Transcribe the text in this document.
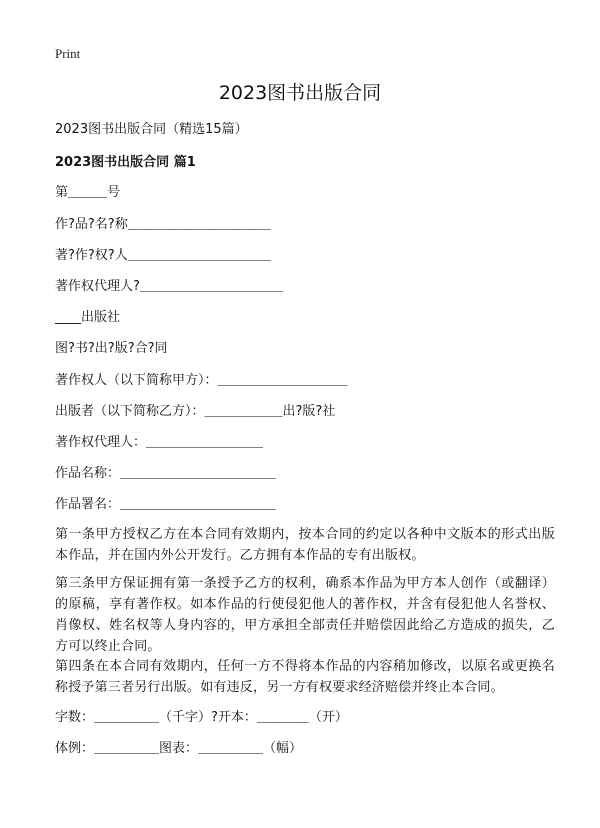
Print
2023图书出版合同
2023图书出版合同（精选15篇）
2023图书出版合同 篇1
第＿＿＿号
作?品?名?称＿＿＿＿＿＿＿＿＿＿＿
著?作?权?人＿＿＿＿＿＿＿＿＿＿＿
著作权代理人?＿＿＿＿＿＿＿＿＿＿＿
____出版社
图?书?出?版?合?同
著作权人（以下简称甲方）：＿＿＿＿＿＿＿＿＿＿
出版者（以下简称乙方）：＿＿＿＿＿＿出?版?社
著作权代理人：＿＿＿＿＿＿＿＿＿
作品名称：＿＿＿＿＿＿＿＿＿＿＿＿
作品署名：＿＿＿＿＿＿＿＿＿＿＿＿
第一条甲方授权乙方在本合同有效期内，按本合同的约定以各种中文版本的形式出版本作品，并在国内外公开发行。乙方拥有本作品的专有出版权。
第三条甲方保证拥有第一条授予乙方的权利，确系本作品为甲方本人创作（或翻译）的原稿，享有著作权。如本作品的行使侵犯他人的著作权，并含有侵犯他人名誉权、肖像权、姓名权等人身内容的，甲方承担全部责任并赔偿因此给乙方造成的损失，乙方可以终止合同。
第四条在本合同有效期内，任何一方不得将本作品的内容稍加修改，以原名或更换名称授予第三者另行出版。如有违反，另一方有权要求经济赔偿并终止本合同。
字数：＿＿＿＿＿（千字）?开本：＿＿＿＿（开）
体例：＿＿＿＿＿图表：＿＿＿＿＿（幅）
